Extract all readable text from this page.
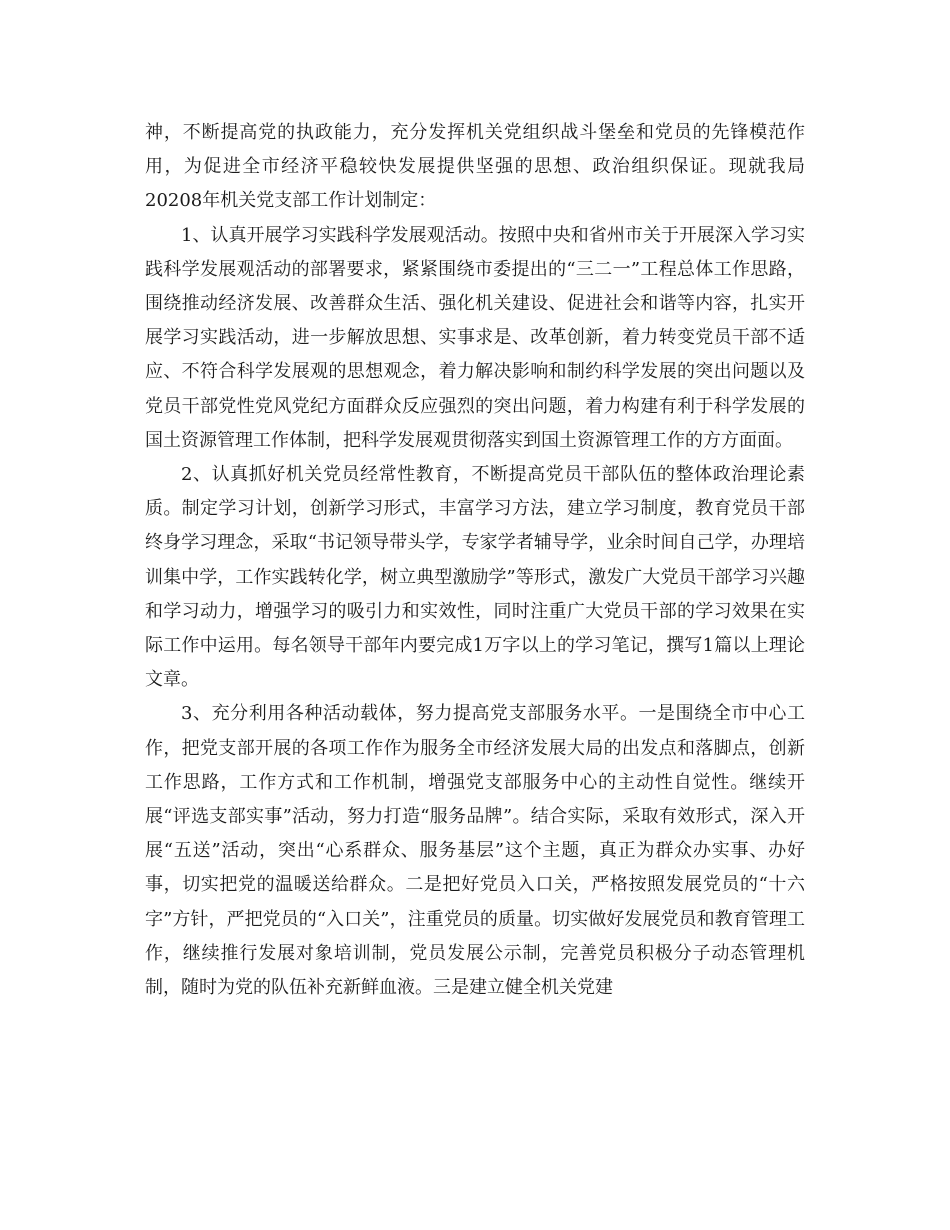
神，不断提高党的执政能力，充分发挥机关党组织战斗堡垒和党员的先锋模范作用，为促进全市经济平稳较快发展提供坚强的思想、政治组织保证。现就我局20208年机关党支部工作计划制定：

1、认真开展学习实践科学发展观活动。按照中央和省州市关于开展深入学习实践科学发展观活动的部署要求，紧紧围绕市委提出的“三二一”工程总体工作思路，围绕推动经济发展、改善群众生活、强化机关建设、促进社会和谐等内容，扎实开展学习实践活动，进一步解放思想、实事求是、改革创新，着力转变党员干部不适应、不符合科学发展观的思想观念，着力解决影响和制约科学发展的突出问题以及党员干部党性党风党纪方面群众反应强烈的突出问题，着力构建有利于科学发展的国土资源管理工作体制，把科学发展观贯彻落实到国土资源管理工作的方方面面。

2、认真抓好机关党员经常性教育，不断提高党员干部队伍的整体政治理论素质。制定学习计划，创新学习形式，丰富学习方法，建立学习制度，教育党员干部终身学习理念，采取“书记领导带头学，专家学者辅导学，业余时间自己学，办理培训集中学，工作实践转化学，树立典型激励学”等形式，激发广大党员干部学习兴趣和学习动力，增强学习的吸引力和实效性，同时注重广大党员干部的学习效果在实际工作中运用。每名领导干部年内要完成1万字以上的学习笔记，撰写1篇以上理论文章。

3、充分利用各种活动载体，努力提高党支部服务水平。一是围绕全市中心工作，把党支部开展的各项工作作为服务全市经济发展大局的出发点和落脚点，创新工作思路，工作方式和工作机制，增强党支部服务中心的主动性自觉性。继续开展“评选支部实事”活动，努力打造“服务品牌”。结合实际，采取有效形式，深入开展“五送”活动，突出“心系群众、服务基层”这个主题，真正为群众办实事、办好事，切实把党的温暖送给群众。二是把好党员入口关，严格按照发展党员的“十六字”方针，严把党员的“入口关”，注重党员的质量。切实做好发展党员和教育管理工作，继续推行发展对象培训制，党员发展公示制，完善党员积极分子动态管理机制，随时为党的队伍补充新鲜血液。三是建立健全机关党建
